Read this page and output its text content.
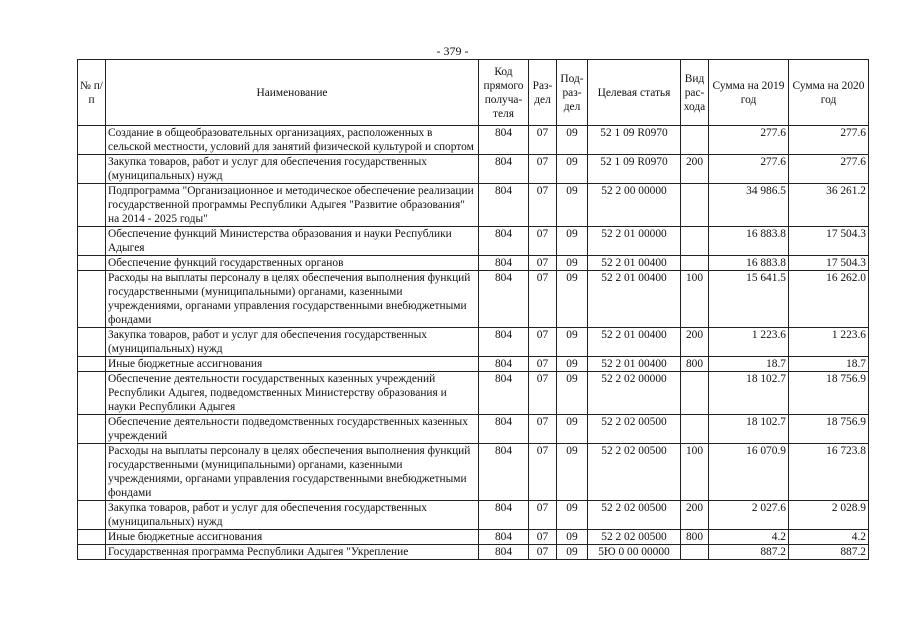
- 379 -
№ п/п	Наименование	Код прямого получа-теля	Раз-дел	Под-раз-дел	Целевая статья	Вид рас-хода	Сумма на 2019 год	Сумма на 2020 год
	Создание в общеобразовательных организациях, расположенных в сельской местности, условий для занятий физической культурой и спортом	804	07	09	52 1 09 R0970		277.6	277.6
	Закупка товаров, работ и услуг для обеспечения государственных (муниципальных) нужд	804	07	09	52 1 09 R0970	200	277.6	277.6
	Подпрограмма "Организационное и методическое обеспечение реализации государственной программы Республики Адыгея "Развитие образования" на 2014 - 2025 годы"	804	07	09	52 2 00 00000		34 986.5	36 261.2
	Обеспечение функций Министерства образования и науки Республики Адыгея	804	07	09	52 2 01 00000		16 883.8	17 504.3
	Обеспечение функций государственных органов	804	07	09	52 2 01 00400		16 883.8	17 504.3
	Расходы на выплаты персоналу в целях обеспечения выполнения функций государственными (муниципальными) органами, казенными учреждениями, органами управления государственными внебюджетными фондами	804	07	09	52 2 01 00400	100	15 641.5	16 262.0
	Закупка товаров, работ и услуг для обеспечения государственных (муниципальных) нужд	804	07	09	52 2 01 00400	200	1 223.6	1 223.6
	Иные бюджетные ассигнования	804	07	09	52 2 01 00400	800	18.7	18.7
	Обеспечение деятельности государственных казенных учреждений Республики Адыгея, подведомственных Министерству образования и науки Республики Адыгея	804	07	09	52 2 02 00000		18 102.7	18 756.9
	Обеспечение деятельности подведомственных государственных казенных учреждений	804	07	09	52 2 02 00500		18 102.7	18 756.9
	Расходы на выплаты персоналу в целях обеспечения выполнения функций государственными (муниципальными) органами, казенными учреждениями, органами управления государственными внебюджетными фондами	804	07	09	52 2 02 00500	100	16 070.9	16 723.8
	Закупка товаров, работ и услуг для обеспечения государственных (муниципальных) нужд	804	07	09	52 2 02 00500	200	2 027.6	2 028.9
	Иные бюджетные ассигнования	804	07	09	52 2 02 00500	800	4.2	4.2
	Государственная программа Республики Адыгея "Укрепление	804	07	09	5Ю 0 00 00000		887.2	887.2
